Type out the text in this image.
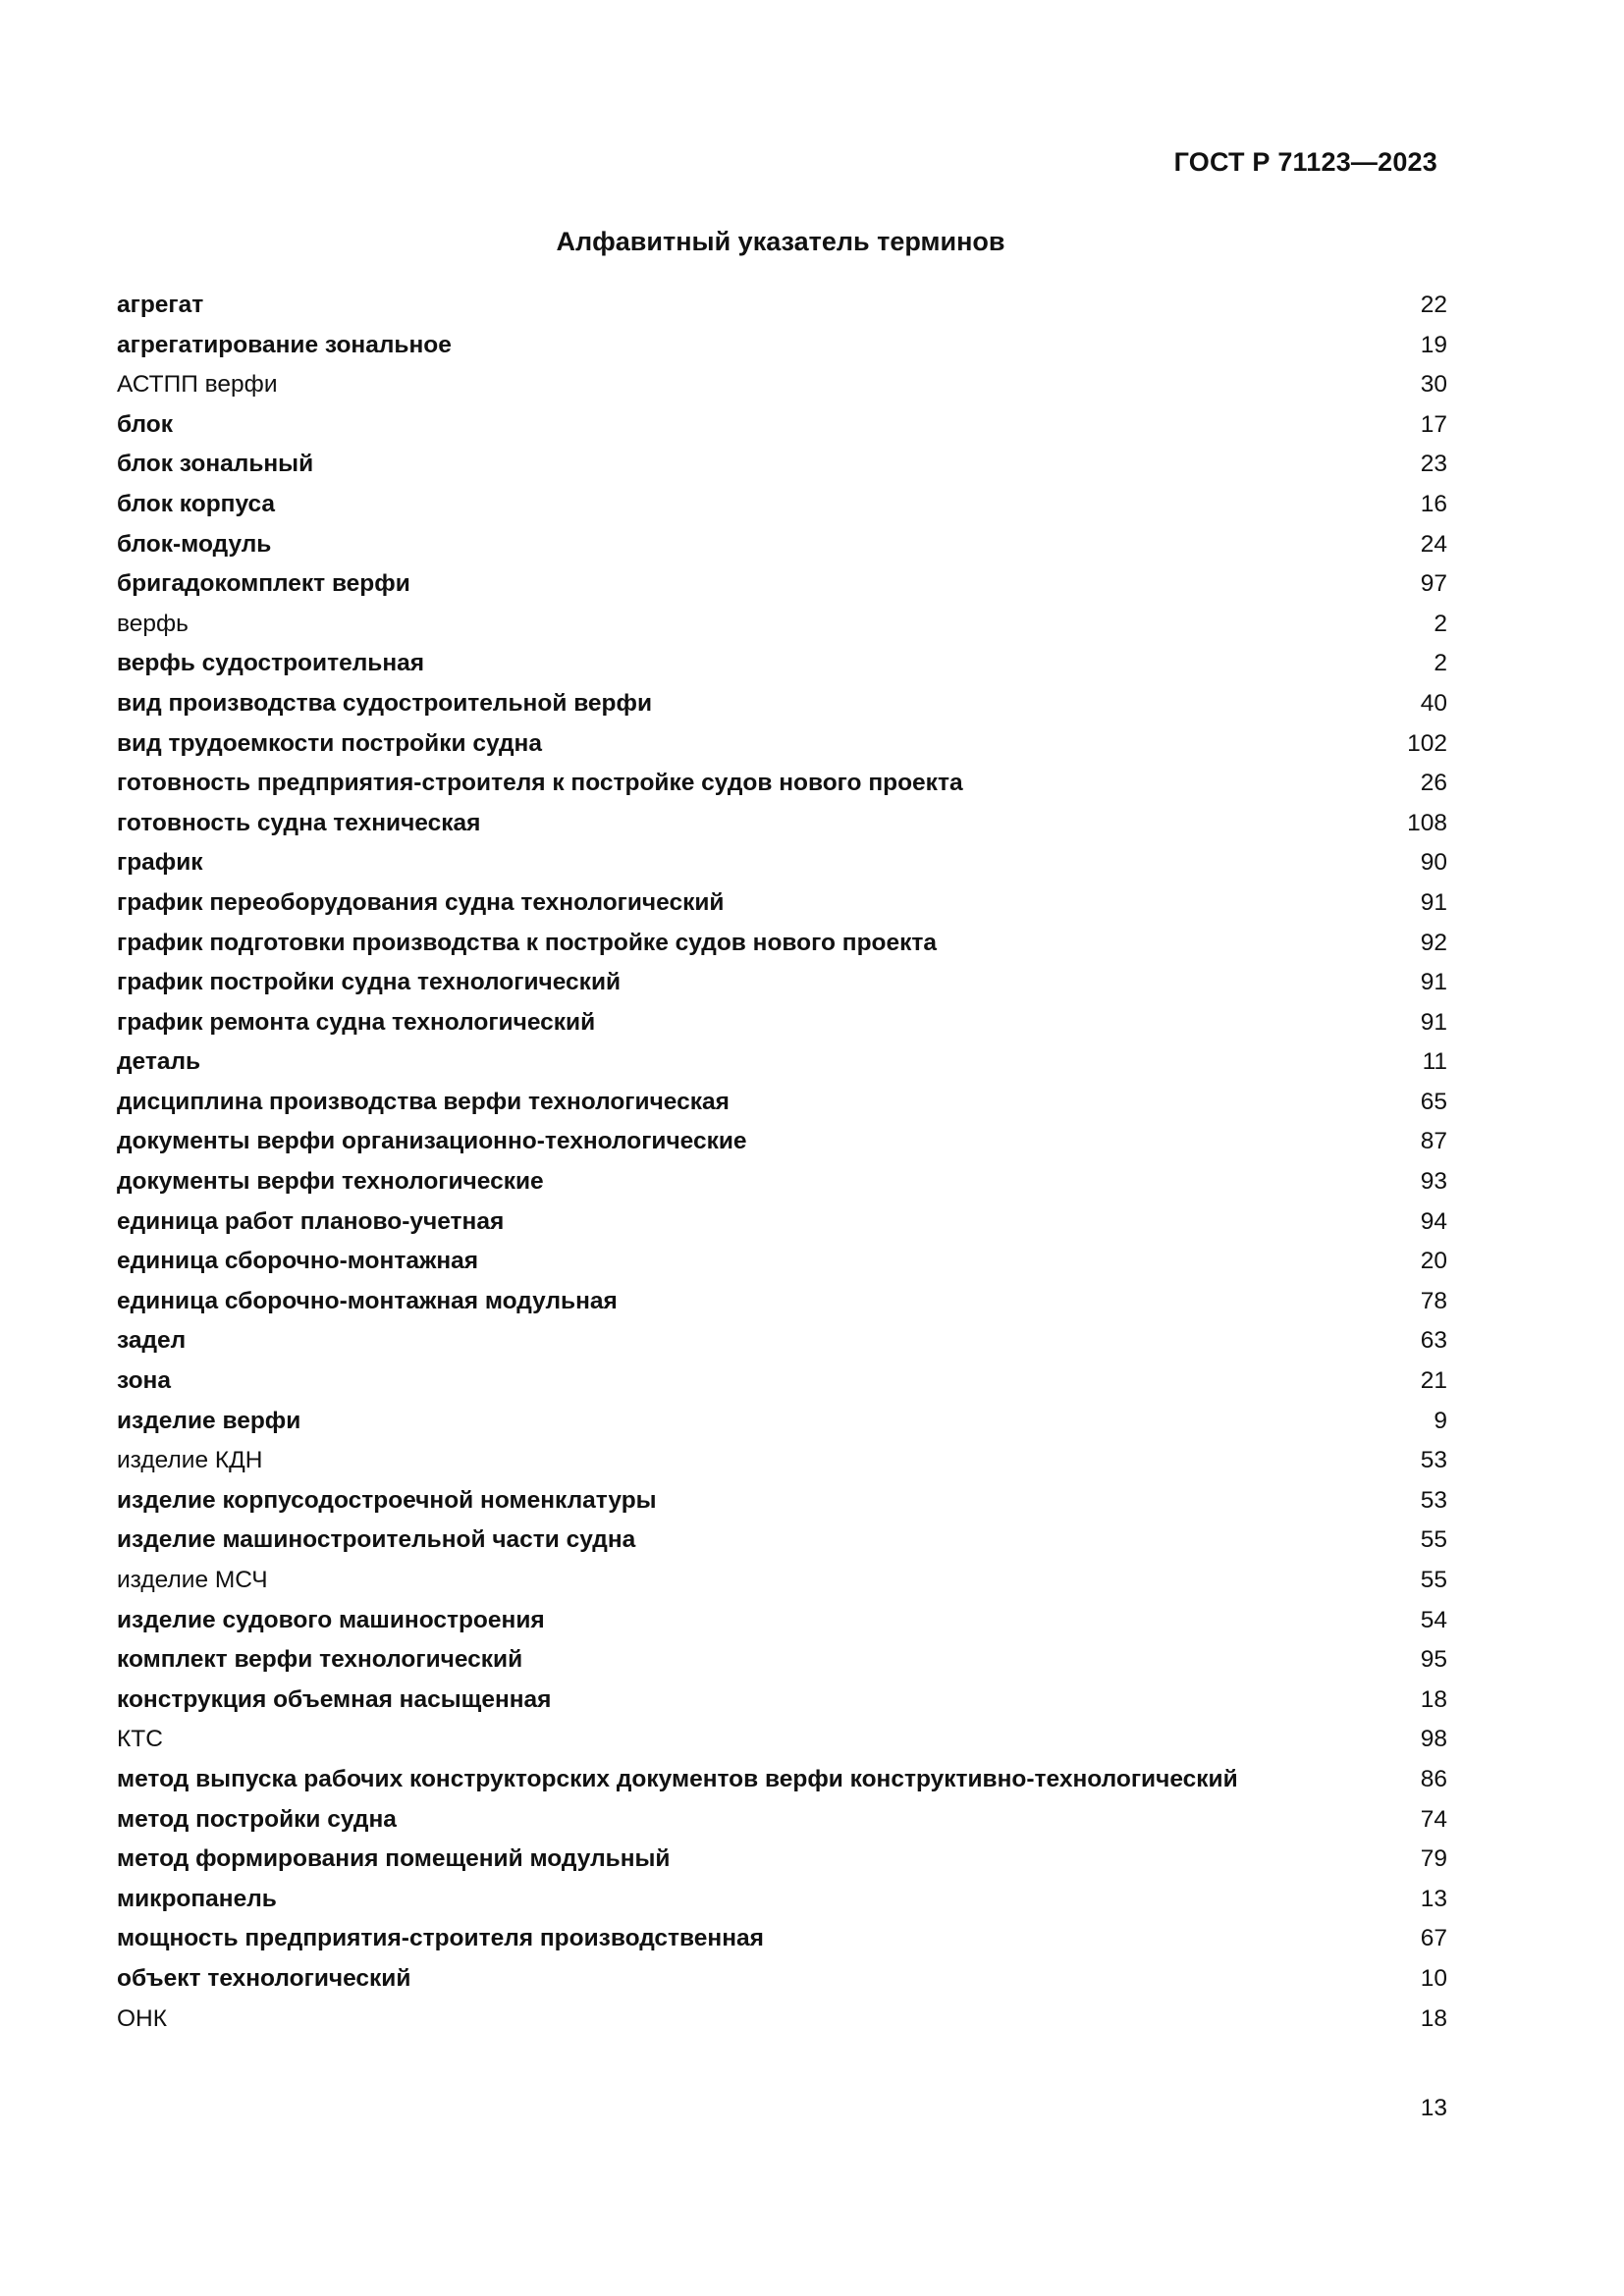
ГОСТ Р 71123—2023
Алфавитный указатель терминов
агрегат	22
агрегатирование зональное	19
АСТПП верфи	30
блок	17
блок зональный	23
блок корпуса	16
блок-модуль	24
бригадокомплект верфи	97
верфь	2
верфь судостроительная	2
вид производства судостроительной верфи	40
вид трудоемкости постройки судна	102
готовность предприятия-строителя к постройке судов нового проекта	26
готовность судна техническая	108
график	90
график переоборудования судна технологический	91
график подготовки производства к постройке судов нового проекта	92
график постройки судна технологический	91
график ремонта судна технологический	91
деталь	11
дисциплина производства верфи технологическая	65
документы верфи организационно-технологические	87
документы верфи технологические	93
единица работ планово-учетная	94
единица сборочно-монтажная	20
единица сборочно-монтажная модульная	78
задел	63
зона	21
изделие верфи	9
изделие КДН	53
изделие корпусодостроечной номенклатуры	53
изделие машиностроительной части судна	55
изделие МСЧ	55
изделие судового машиностроения	54
комплект верфи технологический	95
конструкция объемная насыщенная	18
КТС	98
метод выпуска рабочих конструкторских документов верфи конструктивно-технологический	86
метод постройки судна	74
метод формирования помещений модульный	79
микропанель	13
мощность предприятия-строителя производственная	67
объект технологический	10
ОНК	18
13
